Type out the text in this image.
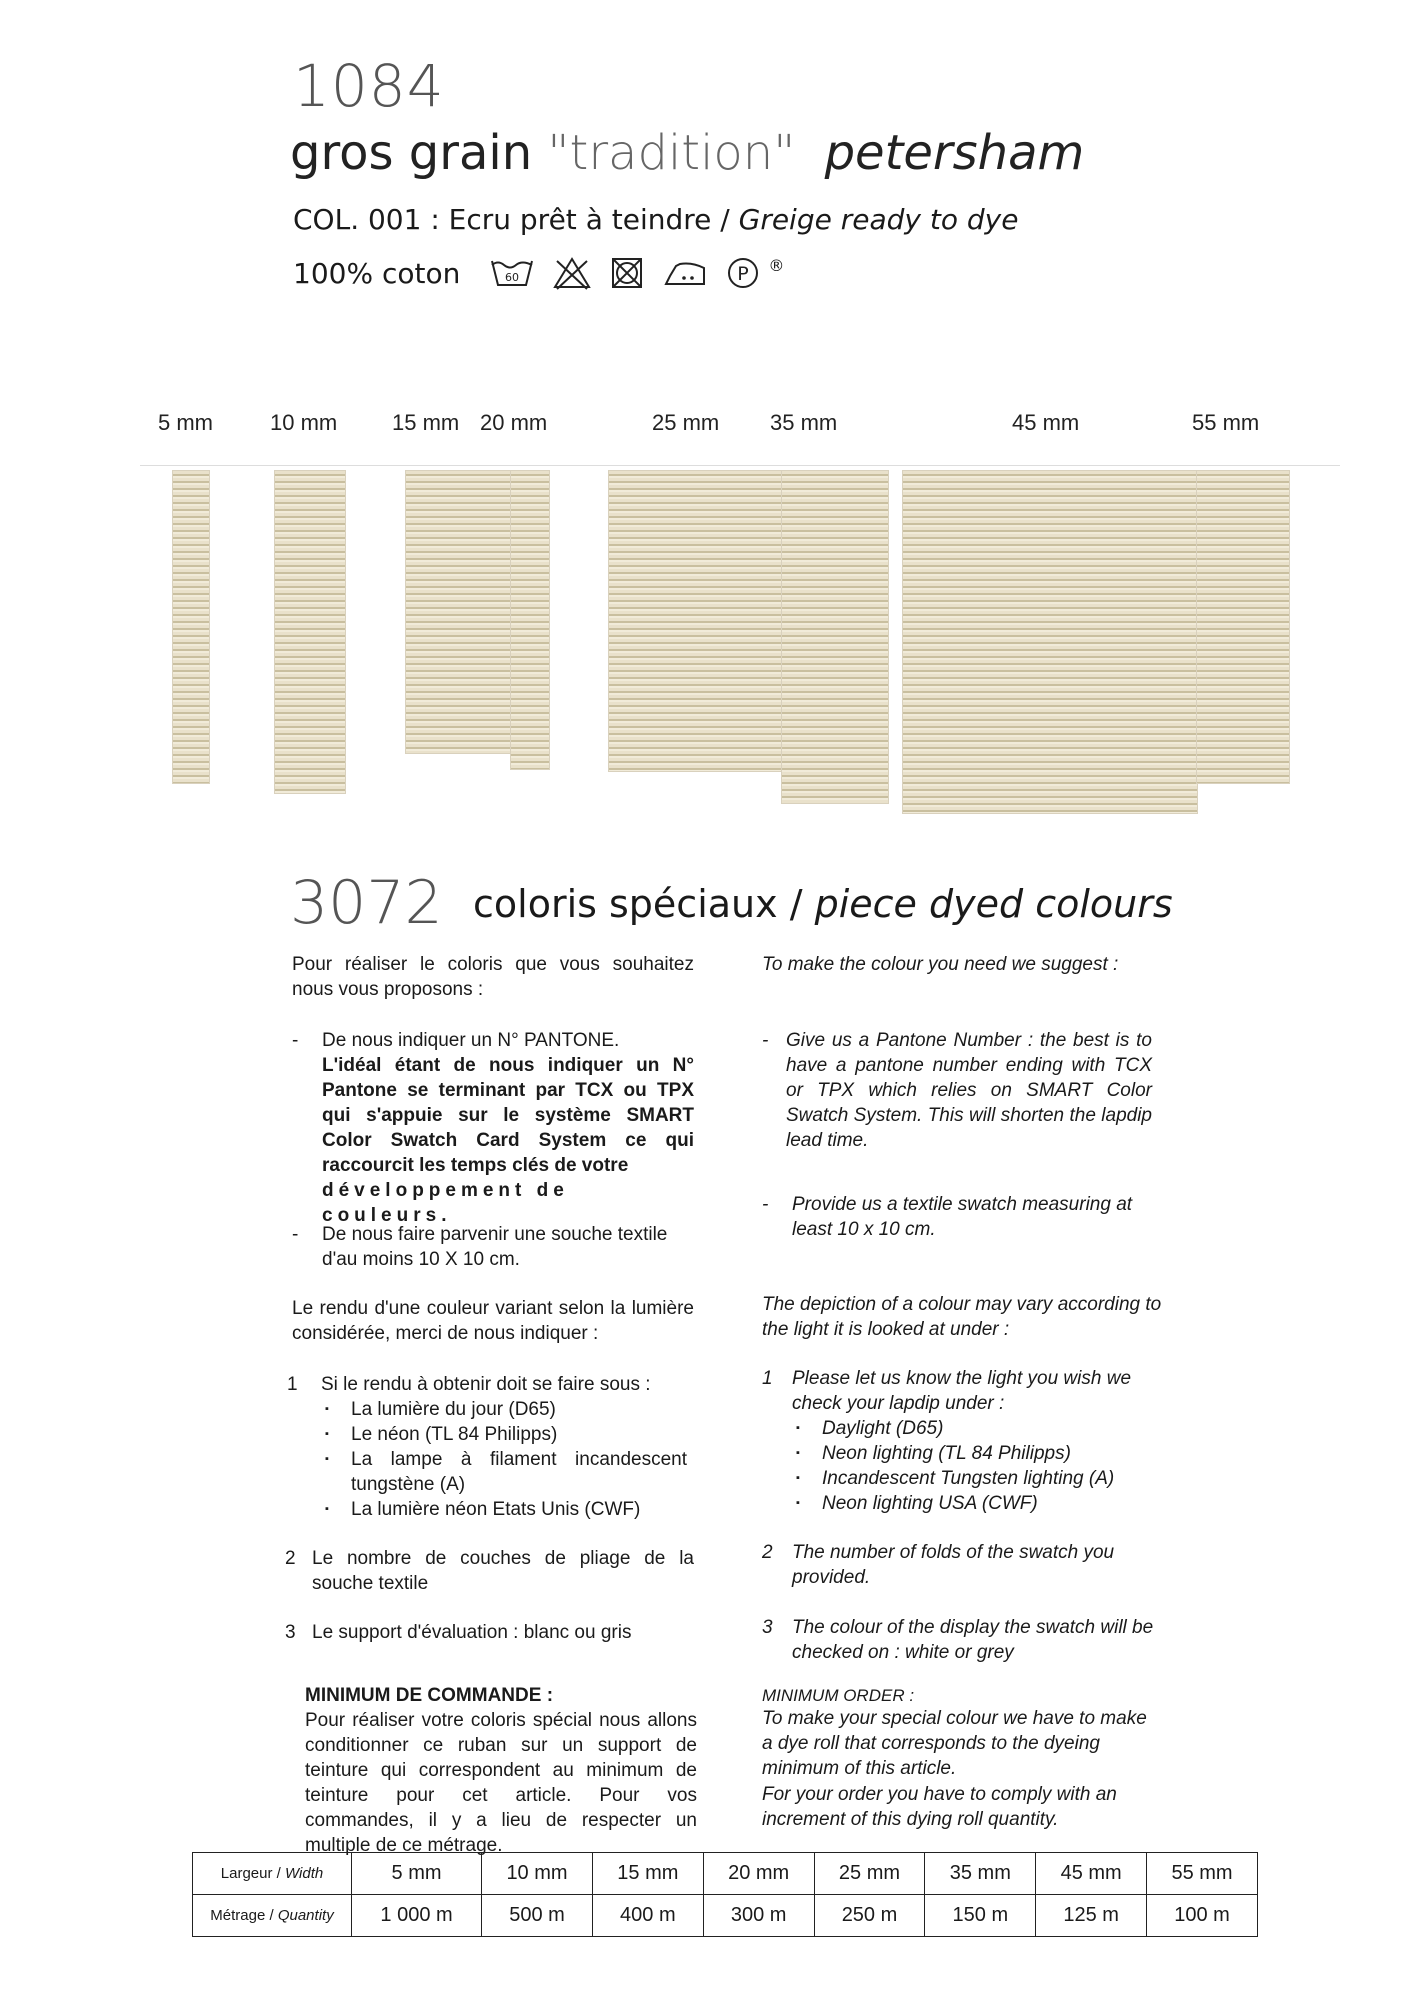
1084
gros grain "tradition" petersham
COL. 001 : Ecru prêt à teindre / Greige ready to dye
100% coton	60	P ®
5 mm	10 mm 15 mm 20 mm	25 mm 35 mm	45 mm	55 mm
3072 coloris spéciaux / piece dyed colours
Pour réaliser le coloris que vous souhaitez nous vous proposons :
- De nous indiquer un N° PANTONE.
L'idéal étant de nous indiquer un N° Pantone se terminant par TCX ou TPX qui s'appuie sur le système SMART Color Swatch Card System ce qui raccourcit les temps clés de votre
développement de couleurs.
- De nous faire parvenir une souche textile d'au moins 10 X 10 cm.
Le rendu d'une couleur variant selon la lumière considérée, merci de nous indiquer :
1 Si le rendu à obtenir doit se faire sous :
▪ La lumière du jour (D65)
▪ Le néon (TL 84 Philipps)
▪ La lampe à filament incandescent tungstène (A)
▪ La lumière néon Etats Unis (CWF)
2 Le nombre de couches de pliage de la souche textile
3 Le support d'évaluation : blanc ou gris
MINIMUM DE COMMANDE :
Pour réaliser votre coloris spécial nous allons conditionner ce ruban sur un support de teinture qui correspondent au minimum de teinture pour cet article. Pour vos commandes, il y a lieu de respecter un multiple de ce métrage.
To make the colour you need we suggest :
- Give us a Pantone Number : the best is to have a pantone number ending with TCX or TPX which relies on SMART Color Swatch System. This will shorten the lapdip lead time.
- Provide us a textile swatch measuring at least 10 x 10 cm.
The depiction of a colour may vary according to the light it is looked at under :
1 Please let us know the light you wish we check your lapdip under :
▪ Daylight (D65)
▪ Neon lighting (TL 84 Philipps)
▪ Incandescent Tungsten lighting (A)
▪ Neon lighting USA (CWF)
2 The number of folds of the swatch you provided.
3 The colour of the display the swatch will be checked on : white or grey
MINIMUM ORDER :
To make your special colour we have to make a dye roll that corresponds to the dyeing minimum of this article.
For your order you have to comply with an increment of this dying roll quantity.
Largeur / Width	5 mm	10 mm	15 mm	20 mm	25 mm	35 mm	45 mm	55 mm
Métrage / Quantity	1 000 m	500 m	400 m	300 m	250 m	150 m	125 m	100 m
